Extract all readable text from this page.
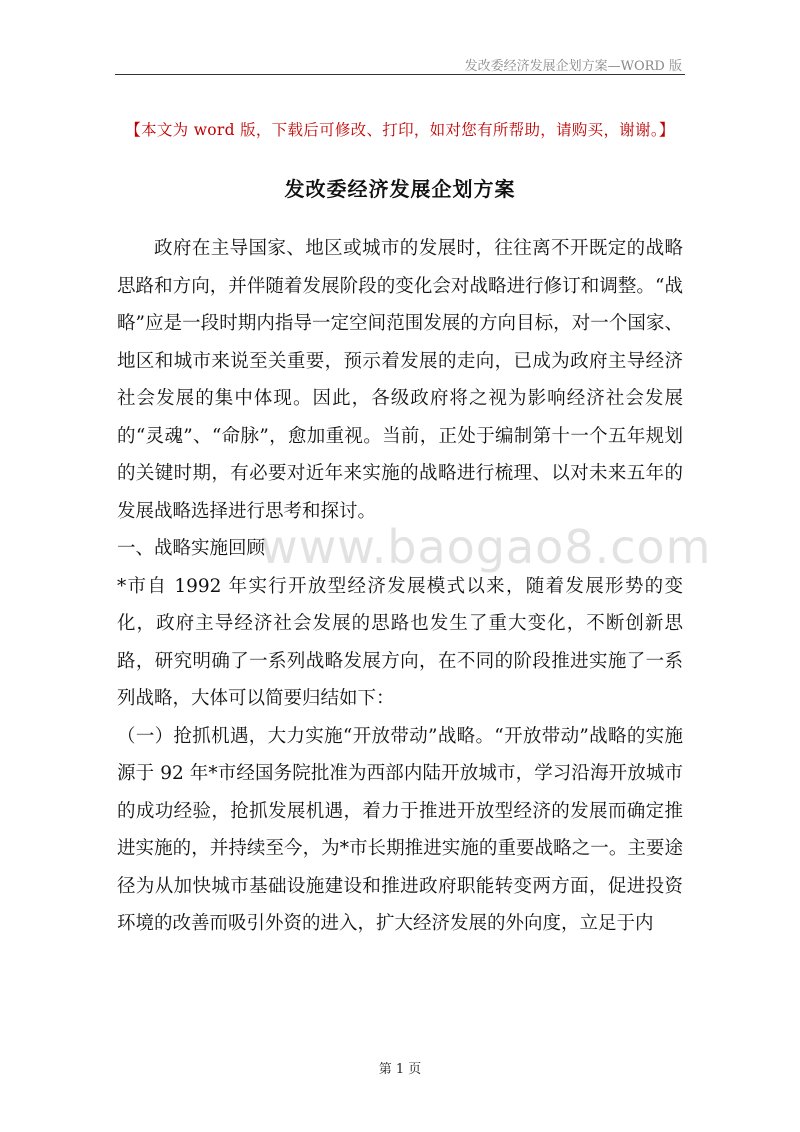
发改委经济发展企划方案—WORD 版
【本文为 word 版，下载后可修改、打印，如对您有所帮助，请购买，谢谢。】
发改委经济发展企划方案
www.baogao8.com

政府在主导国家、地区或城市的发展时，往往离不开既定的战略思路和方向，并伴随着发展阶段的变化会对战略进行修订和调整。“战略”应是一段时期内指导一定空间范围发展的方向目标，对一个国家、地区和城市来说至关重要，预示着发展的走向，已成为政府主导经济社会发展的集中体现。因此，各级政府将之视为影响经济社会发展的“灵魂”、“命脉”，愈加重视。当前，正处于编制第十一个五年规划的关键时期，有必要对近年来实施的战略进行梳理、以对未来五年的发展战略选择进行思考和探讨。

一、战略实施回顾

*市自 1992 年实行开放型经济发展模式以来，随着发展形势的变化，政府主导经济社会发展的思路也发生了重大变化，不断创新思路，研究明确了一系列战略发展方向，在不同的阶段推进实施了一系列战略，大体可以简要归结如下：

（一）抢抓机遇，大力实施“开放带动”战略。“开放带动”战略的实施源于 92 年*市经国务院批准为西部内陆开放城市，学习沿海开放城市的成功经验，抢抓发展机遇，着力于推进开放型经济的发展而确定推进实施的，并持续至今，为*市长期推进实施的重要战略之一。主要途径为从加快城市基础设施建设和推进政府职能转变两方面，促进投资环境的改善而吸引外资的进入，扩大经济发展的外向度，立足于内

第 1 页
